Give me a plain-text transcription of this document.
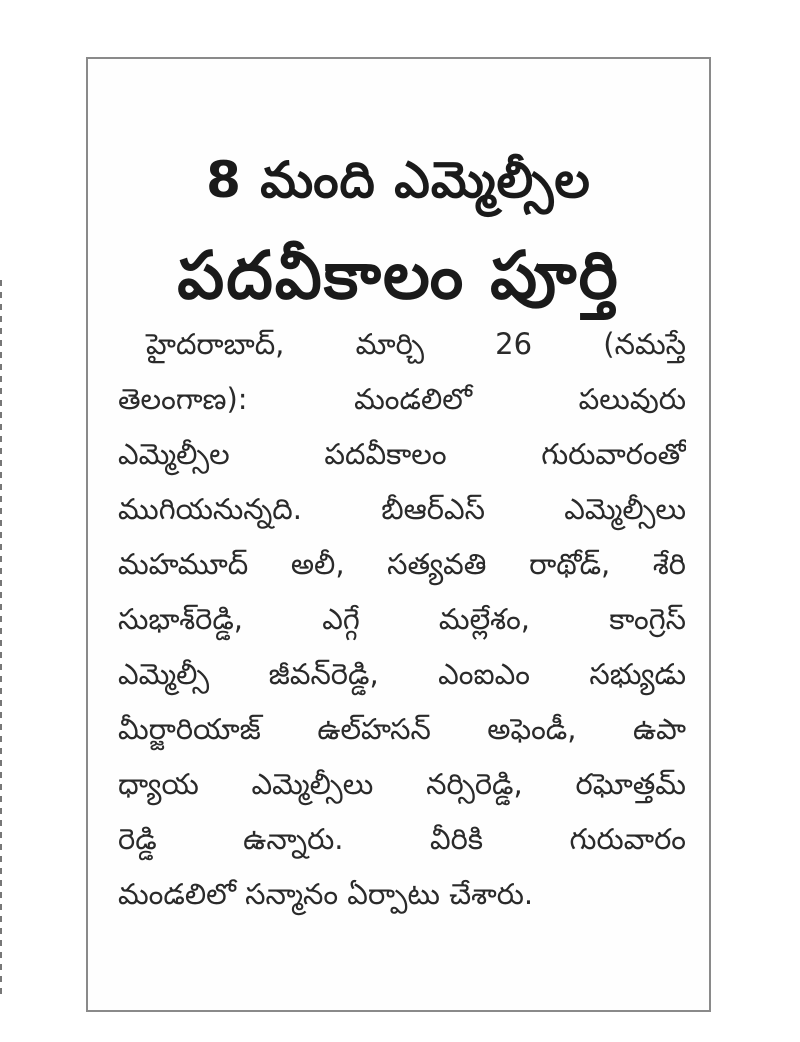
8 మంది ఎమ్మెల్సీల
పదవీకాలం పూర్తి
హైదరాబాద్, మార్చి 26 (నమస్తే
తెలంగాణ): మండలిలో పలువురు
ఎమ్మెల్సీల పదవీకాలం గురువారంతో
ముగియనున్నది. బీఆర్ఎస్ ఎమ్మెల్సీలు
మహమూద్ అలీ, సత్యవతి రాథోడ్, శేరి
సుభాశ్‌రెడ్డి, ఎగ్గే మల్లేశం, కాంగ్రెస్
ఎమ్మెల్సీ జీవన్‌రెడ్డి, ఎంఐఎం సభ్యుడు
మీర్జారియాజ్ ఉల్‌హసన్ అఫెండీ, ఉపా
ధ్యాయ ఎమ్మెల్సీలు నర్సిరెడ్డి, రఘోత్తమ్
రెడ్డి ఉన్నారు. వీరికి గురువారం
మండలిలో సన్మానం ఏర్పాటు చేశారు.
